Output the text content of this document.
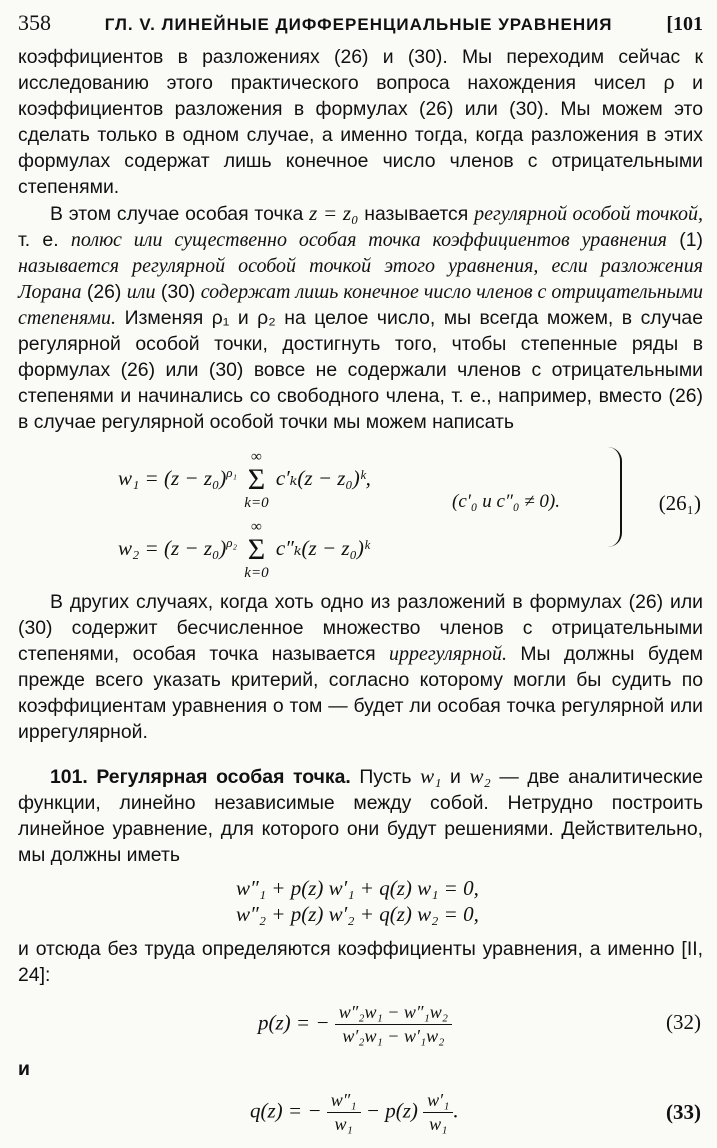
358	ГЛ. V. ЛИНЕЙНЫЕ ДИФФЕРЕНЦИАЛЬНЫЕ УРАВНЕНИЯ	[101

коэффициентов в разложениях (26) и (30). Мы переходим сейчас к исследованию этого практического вопроса нахождения чисел ρ и коэффициентов разложения в формулах (26) или (30). Мы можем это сделать только в одном случае, а именно тогда, когда разложения в этих формулах содержат лишь конечное число членов с отрицательными степенями.

В этом случае особая точка z = z₀ называется регулярной особой точкой, т. е. полюс или существенно особая точка коэффициентов уравнения (1) называется регулярной особой точкой этого уравнения, если разложения Лорана (26) или (30) содержат лишь конечное число членов с отрицательными степенями. Изменяя ρ₁ и ρ₂ на целое число, мы всегда можем, в случае регулярной особой точки, достигнуть того, чтобы степенные ряды в формулах (26) или (30) вовсе не содержали членов с отрицательными степенями и начинались со свободного члена, т. е., например, вместо (26) в случае регулярной особой точки мы можем написать

$w_1 = (z - z_0)^{\rho_1}$
∞
Σ
k=0
c′ₖ(z − z₀)ᵏ,
$w_2 = (z - z_0)^{\rho_2}$
∞
Σ
k=0
c″ₖ(z − z₀)ᵏ
(c′₀ и c″₀ ≠ 0).	(26₁)

В других случаях, когда хоть одно из разложений в формулах (26) или (30) содержит бесчисленное множество членов с отрицательными степенями, особая точка называется иррегулярной. Мы должны будем прежде всего указать критерий, согласно которому могли бы судить по коэффициентам уравнения о том — будет ли особая точка регулярной или иррегулярной.

101. Регулярная особая точка. Пусть w₁ и w₂ — две аналитические функции, линейно независимые между собой. Нетрудно построить линейное уравнение, для которого они будут решениями. Действительно, мы должны иметь

w″₁ + p(z) w′₁ + q(z) w₁ = 0,
w″₂ + p(z) w′₂ + q(z) w₂ = 0,

и отсюда без труда определяются коэффициенты уравнения, а именно [II, 24]:

p(z) = − $\frac{\text{w″₂w₁ − w″₁w₂}}{\text{w′₂w₁ − w′₁w₂}}$	(32)

и

q(z) = − $\frac{\text{w″₁}}{\text{w₁}} - p(z) \frac{\text{w′₁}}{\text{w₁}}$ .	(33)
